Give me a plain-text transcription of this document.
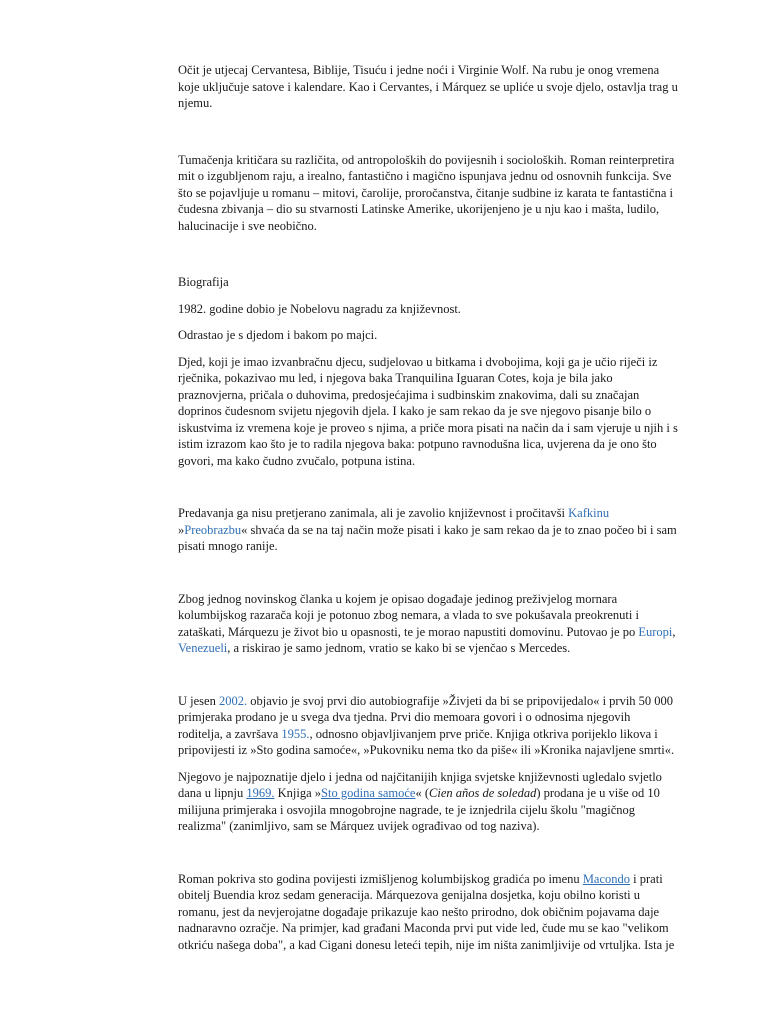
Očit je utjecaj Cervantesa, Biblije, Tisuću i jedne noći i Virginie Wolf. Na rubu je onog vremena koje uključuje satove i kalendare. Kao i Cervantes, i Márquez se upliće u svoje djelo, ostavlja trag u njemu.

Tumačenja kritičara su različita, od antropoloških do povijesnih i socioloških. Roman reinterpretira mit o izgubljenom raju, a irealno, fantastično i magično ispunjava jednu od osnovnih funkcija. Sve što se pojavljuje u romanu – mitovi, čarolije, proročanstva, čitanje sudbine iz karata te fantastična i čudesna zbivanja – dio su stvarnosti Latinske Amerike, ukorijenjeno je u nju kao i mašta, ludilo, halucinacije i sve neobično.

Biografija

1982. godine dobio je Nobelovu nagradu za književnost.

Odrastao je s djedom i bakom po majci.

Djed, koji je imao izvanbračnu djecu, sudjelovao u bitkama i dvobojima, koji ga je učio riječi iz rječnika, pokazivao mu led, i njegova baka Tranquilina Iguaran Cotes, koja je bila jako praznovjerna, pričala o duhovima, predosjećajima i sudbinskim znakovima, dali su značajan doprinos čudesnom svijetu njegovih djela. I kako je sam rekao da je sve njegovo pisanje bilo o iskustvima iz vremena koje je proveo s njima, a priče morа pisati na način da i sam vjeruje u njih i s istim izrazom kao što je to radila njegova baka: potpuno ravnodušna lica, uvjerena da je ono što govori, ma kako čudno zvučalo, potpuna istina.

Predavanja ga nisu pretjerano zanimala, ali je zavolio književnost i pročitavši Kafkinu »Preobrazbu« shvaća da se na taj način može pisati i kako je sam rekao da je to znao počeo bi i sam pisati mnogo ranije.

Zbog jednog novinskog članka u kojem je opisao događaje jedinog preživjelog mornara kolumbijskog razarača koji je potonuo zbog nemara, a vlada to sve pokušavala preokrenuti i zataškati, Márquezu je život bio u opasnosti, te je morao napustiti domovinu. Putovao je po Europi, Venezueli, a riskirao je samo jednom, vratio se kako bi se vjenčao s Mercedes.

U jesen 2002. objavio je svoj prvi dio autobiografije »Živjeti da bi se pripovijedalo« i prvih 50 000 primjeraka prodano je u svega dva tjedna. Prvi dio memoara govori i o odnosima njegovih roditelja, a završava 1955., odnosno objavljivanjem prve priče. Knjiga otkriva porijeklo likova i pripovijesti iz »Sto godina samoće«, »Pukovniku nema tko da piše« ili »Kronika najavljene smrti«.

Njegovo je najpoznatije djelo i jedna od najčitanijih knjiga svjetske književnosti ugledalo svjetlo dana u lipnju 1969. Knjiga »Sto godina samoće« (Cien años de soledad) prodana je u više od 10 milijuna primjeraka i osvojila mnogobrojne nagrade, te je iznjedrila cijelu školu "magičnog realizma" (zanimljivo, sam se Márquez uvijek ograđivao od tog naziva).

Roman pokriva sto godina povijesti izmišljenog kolumbijskog gradića po imenu Macondo i prati obitelj Buendia kroz sedam generacija. Márquezova genijalna dosjetka, koju obilno koristi u romanu, jest da nevjerojatne događaje prikazuje kao nešto prirodno, dok običnim pojavama daje nadnaravno ozračje. Na primjer, kad građani Maconda prvi put vide led, čude mu se kao "velikom otkriću našega doba", a kad Cigani donesu leteći tepih, nije im ništa zanimljivije od vrtuljka. Ista je
